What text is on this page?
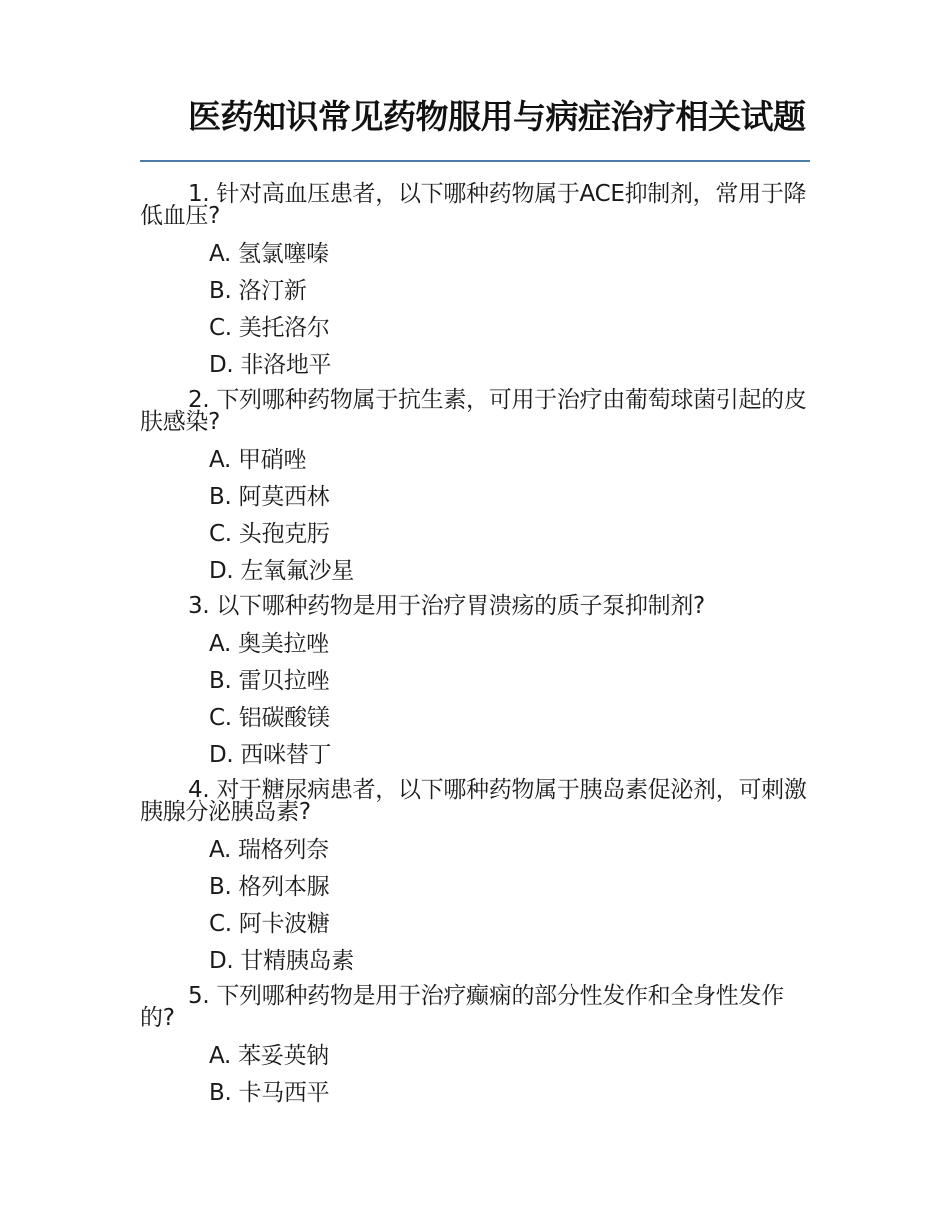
医药知识常见药物服用与病症治疗相关试题

1. 针对高血压患者，以下哪种药物属于ACE抑制剂，常用于降低血压?

A. 氢氯噻嗪
B. 洛汀新
C. 美托洛尔
D. 非洛地平

2. 下列哪种药物属于抗生素，可用于治疗由葡萄球菌引起的皮肤感染?

A. 甲硝唑
B. 阿莫西林
C. 头孢克肟
D. 左氧氟沙星

3. 以下哪种药物是用于治疗胃溃疡的质子泵抑制剂?

A. 奥美拉唑
B. 雷贝拉唑
C. 铝碳酸镁
D. 西咪替丁

4. 对于糖尿病患者，以下哪种药物属于胰岛素促泌剂，可刺激胰腺分泌胰岛素?

A. 瑞格列奈
B. 格列本脲
C. 阿卡波糖
D. 甘精胰岛素

5. 下列哪种药物是用于治疗癫痫的部分性发作和全身性发作的?

A. 苯妥英钠
B. 卡马西平
